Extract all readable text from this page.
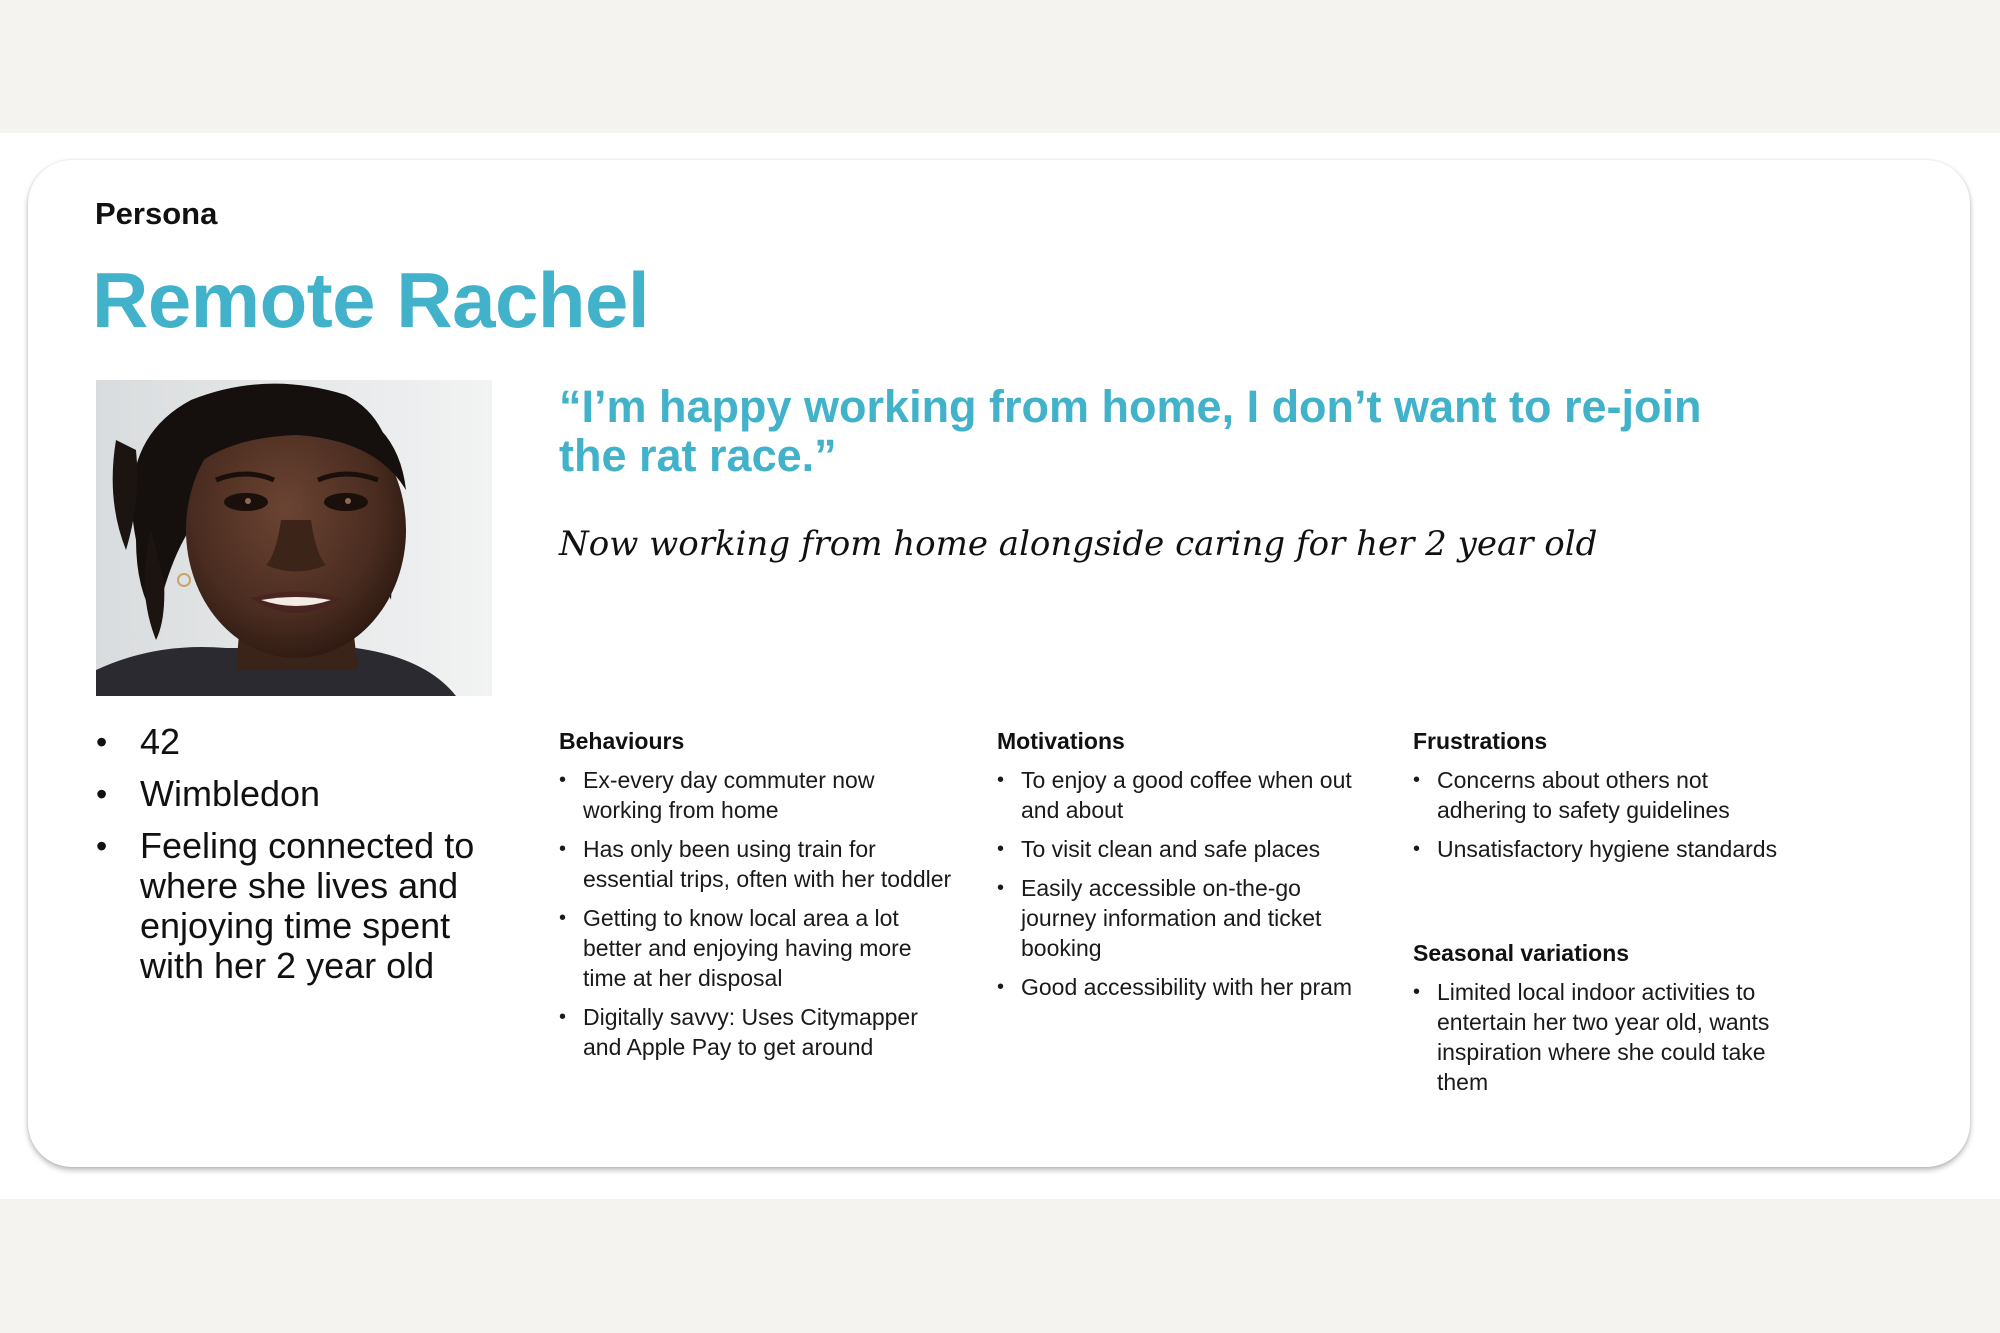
Persona
Remote Rachel
• 42
• Wimbledon
• Feeling connected to where she lives and enjoying time spent with her 2 year old
“I’m happy working from home, I don’t want to re-join the rat race.”
Now working from home alongside caring for her 2 year old
Behaviours
• Ex-every day commuter now working from home
• Has only been using train for essential trips, often with her toddler
• Getting to know local area a lot better and enjoying having more time at her disposal
• Digitally savvy: Uses Citymapper and Apple Pay to get around
Motivations
• To enjoy a good coffee when out and about
• To visit clean and safe places
• Easily accessible on-the-go journey information and ticket booking
• Good accessibility with her pram
Frustrations
• Concerns about others not adhering to safety guidelines
• Unsatisfactory hygiene standards
Seasonal variations
• Limited local indoor activities to entertain her two year old, wants inspiration where she could take them
